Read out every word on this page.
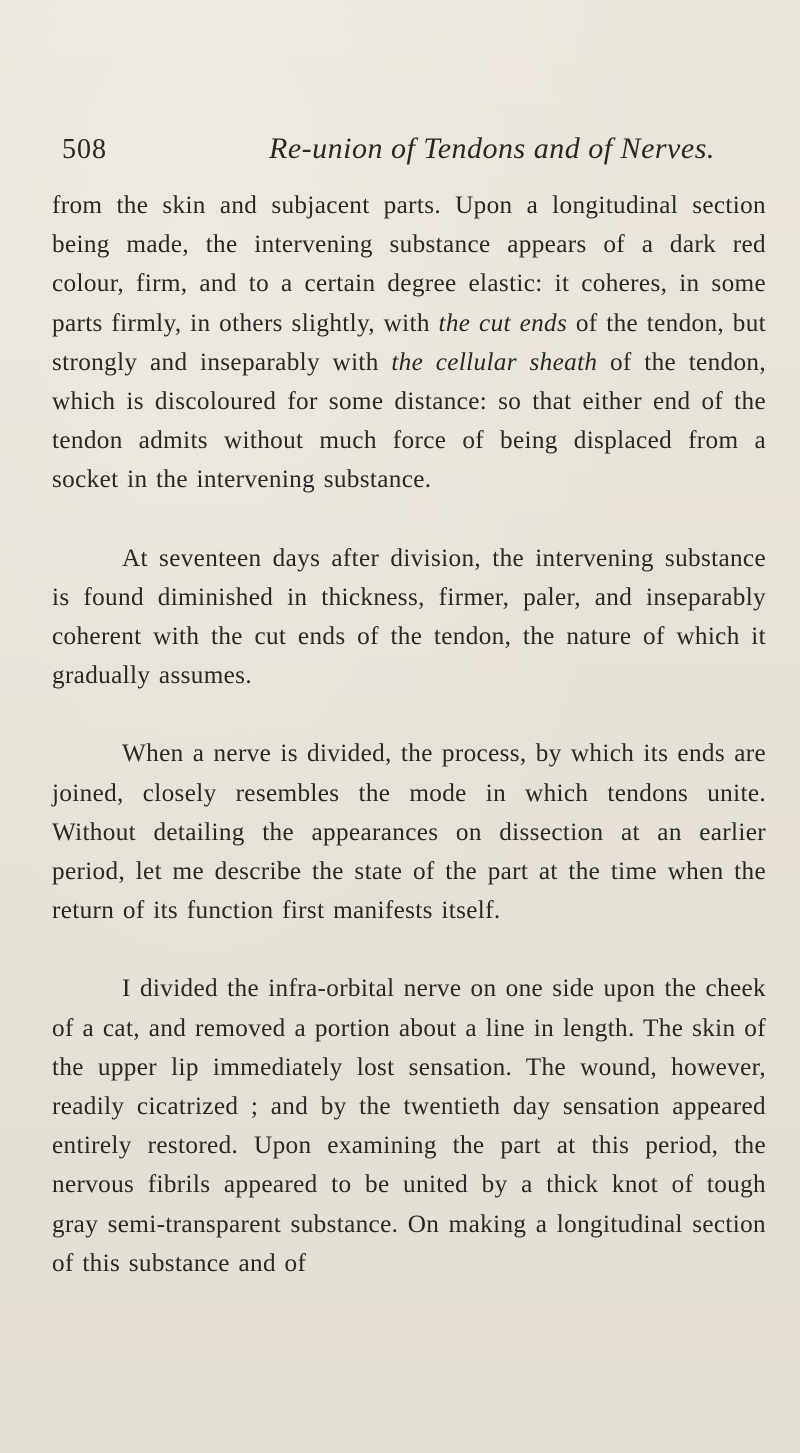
508	Re-union of Tendons and of Nerves.

from the skin and subjacent parts. Upon a longitudinal section being made, the intervening substance appears of a dark red colour, firm, and to a certain degree elastic: it coheres, in some parts firmly, in others slightly, with the cut ends of the tendon, but strongly and inseparably with the cellular sheath of the tendon, which is discoloured for some distance: so that either end of the tendon admits without much force of being displaced from a socket in the intervening substance.

At seventeen days after division, the intervening substance is found diminished in thickness, firmer, paler, and inseparably coherent with the cut ends of the tendon, the nature of which it gradually assumes.

When a nerve is divided, the process, by which its ends are joined, closely resembles the mode in which tendons unite. Without detailing the appearances on dissection at an earlier period, let me describe the state of the part at the time when the return of its function first manifests itself.

I divided the infra-orbital nerve on one side upon the cheek of a cat, and removed a portion about a line in length. The skin of the upper lip immediately lost sensation. The wound, however, readily cicatrized ; and by the twentieth day sensation appeared entirely restored. Upon examining the part at this period, the nervous fibrils appeared to be united by a thick knot of tough gray semi-transparent substance. On making a longitudinal section of this substance and of
